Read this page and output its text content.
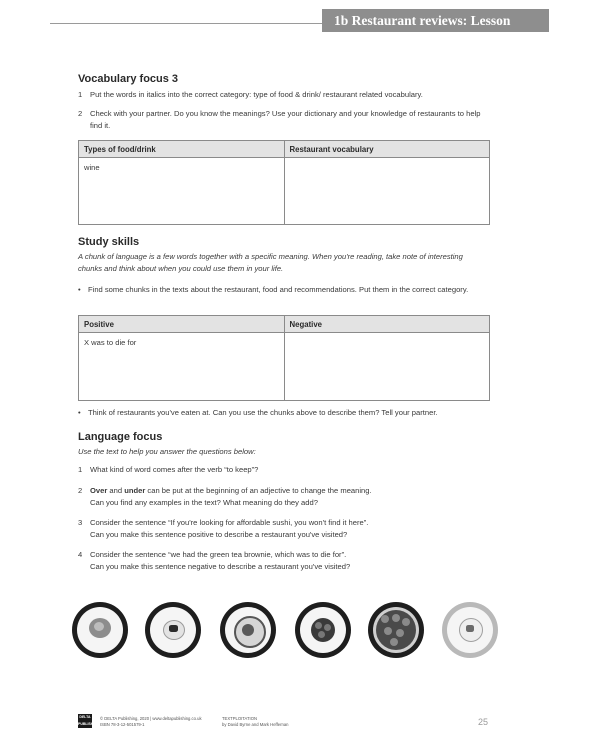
1b Restaurant reviews: Lesson
Vocabulary focus 3
1	Put the words in italics into the correct category: type of food & drink/ restaurant related vocabulary.
2	Check with your partner. Do you know the meanings? Use your dictionary and your knowledge of restaurants to help find it.
Types of food/drink	Restaurant vocabulary
wine	
Study skills
A chunk of language is a few words together with a specific meaning. When you're reading, take note of interesting chunks and think about when you could use them in your life.
• Find some chunks in the texts about the restaurant, food and recommendations. Put them in the correct category.
Positive	Negative
X was to die for	
• Think of restaurants you've eaten at. Can you use the chunks above to describe them? Tell your partner.
Language focus
Use the text to help you answer the questions below:
1	What kind of word comes after the verb “to keep”?
2	Over and under can be put at the beginning of an adjective to change the meaning.
Can you find any examples in the text? What meaning do they add?
3	Consider the sentence “If you're looking for affordable sushi, you won't find it here”.
Can you make this sentence positive to describe a restaurant you've visited?
4	Consider the sentence “we had the green tea brownie, which was to die for”.
Can you make this sentence negative to describe a restaurant you've visited?
DELTA
PUBLISHING
© DELTA Publishing, 2020 | www.deltapublishing.co.uk
ISBN 78-3-12-501579-1
TEXTPLOITATION
by David Byrne and Mark Heffernan	25
